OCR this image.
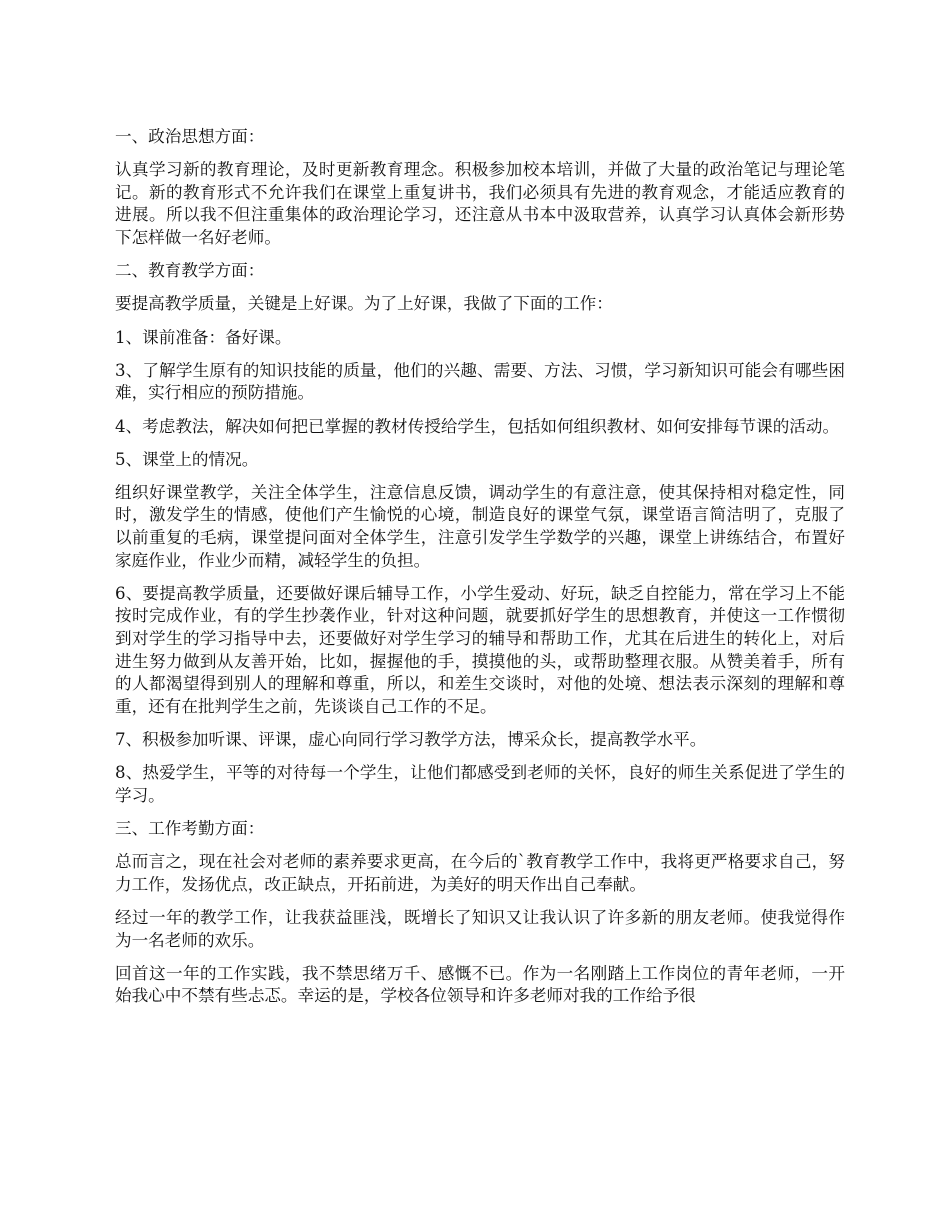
一、政治思想方面：

认真学习新的教育理论，及时更新教育理念。积极参加校本培训，并做了大量的政治笔记与理论笔记。新的教育形式不允许我们在课堂上重复讲书，我们必须具有先进的教育观念，才能适应教育的进展。所以我不但注重集体的政治理论学习，还注意从书本中汲取营养，认真学习认真体会新形势下怎样做一名好老师。

二、教育教学方面：

要提高教学质量，关键是上好课。为了上好课，我做了下面的工作：

1、课前准备：备好课。

3、了解学生原有的知识技能的质量，他们的兴趣、需要、方法、习惯，学习新知识可能会有哪些困难，实行相应的预防措施。

4、考虑教法，解决如何把已掌握的教材传授给学生，包括如何组织教材、如何安排每节课的活动。

5、课堂上的情况。

组织好课堂教学，关注全体学生，注意信息反馈，调动学生的有意注意，使其保持相对稳定性，同时，激发学生的情感，使他们产生愉悦的心境，制造良好的课堂气氛，课堂语言简洁明了，克服了以前重复的毛病，课堂提问面对全体学生，注意引发学生学数学的兴趣，课堂上讲练结合，布置好家庭作业，作业少而精，减轻学生的负担。

6、要提高教学质量，还要做好课后辅导工作，小学生爱动、好玩，缺乏自控能力，常在学习上不能按时完成作业，有的学生抄袭作业，针对这种问题，就要抓好学生的思想教育，并使这一工作惯彻到对学生的学习指导中去，还要做好对学生学习的辅导和帮助工作，尤其在后进生的转化上，对后进生努力做到从友善开始，比如，握握他的手，摸摸他的头，或帮助整理衣服。从赞美着手，所有的人都渴望得到别人的理解和尊重，所以，和差生交谈时，对他的处境、想法表示深刻的理解和尊重，还有在批判学生之前，先谈谈自己工作的不足。

7、积极参加听课、评课，虚心向同行学习教学方法，博采众长，提高教学水平。

8、热爱学生，平等的对待每一个学生，让他们都感受到老师的关怀，良好的师生关系促进了学生的学习。

三、工作考勤方面：

总而言之，现在社会对老师的素养要求更高，在今后的`教育教学工作中，我将更严格要求自己，努力工作，发扬优点，改正缺点，开拓前进，为美好的明天作出自己奉献。

经过一年的教学工作，让我获益匪浅，既增长了知识又让我认识了许多新的朋友老师。使我觉得作为一名老师的欢乐。

回首这一年的工作实践，我不禁思绪万千、感慨不已。作为一名刚踏上工作岗位的青年老师，一开始我心中不禁有些忐忑。幸运的是，学校各位领导和许多老师对我的工作给予很
